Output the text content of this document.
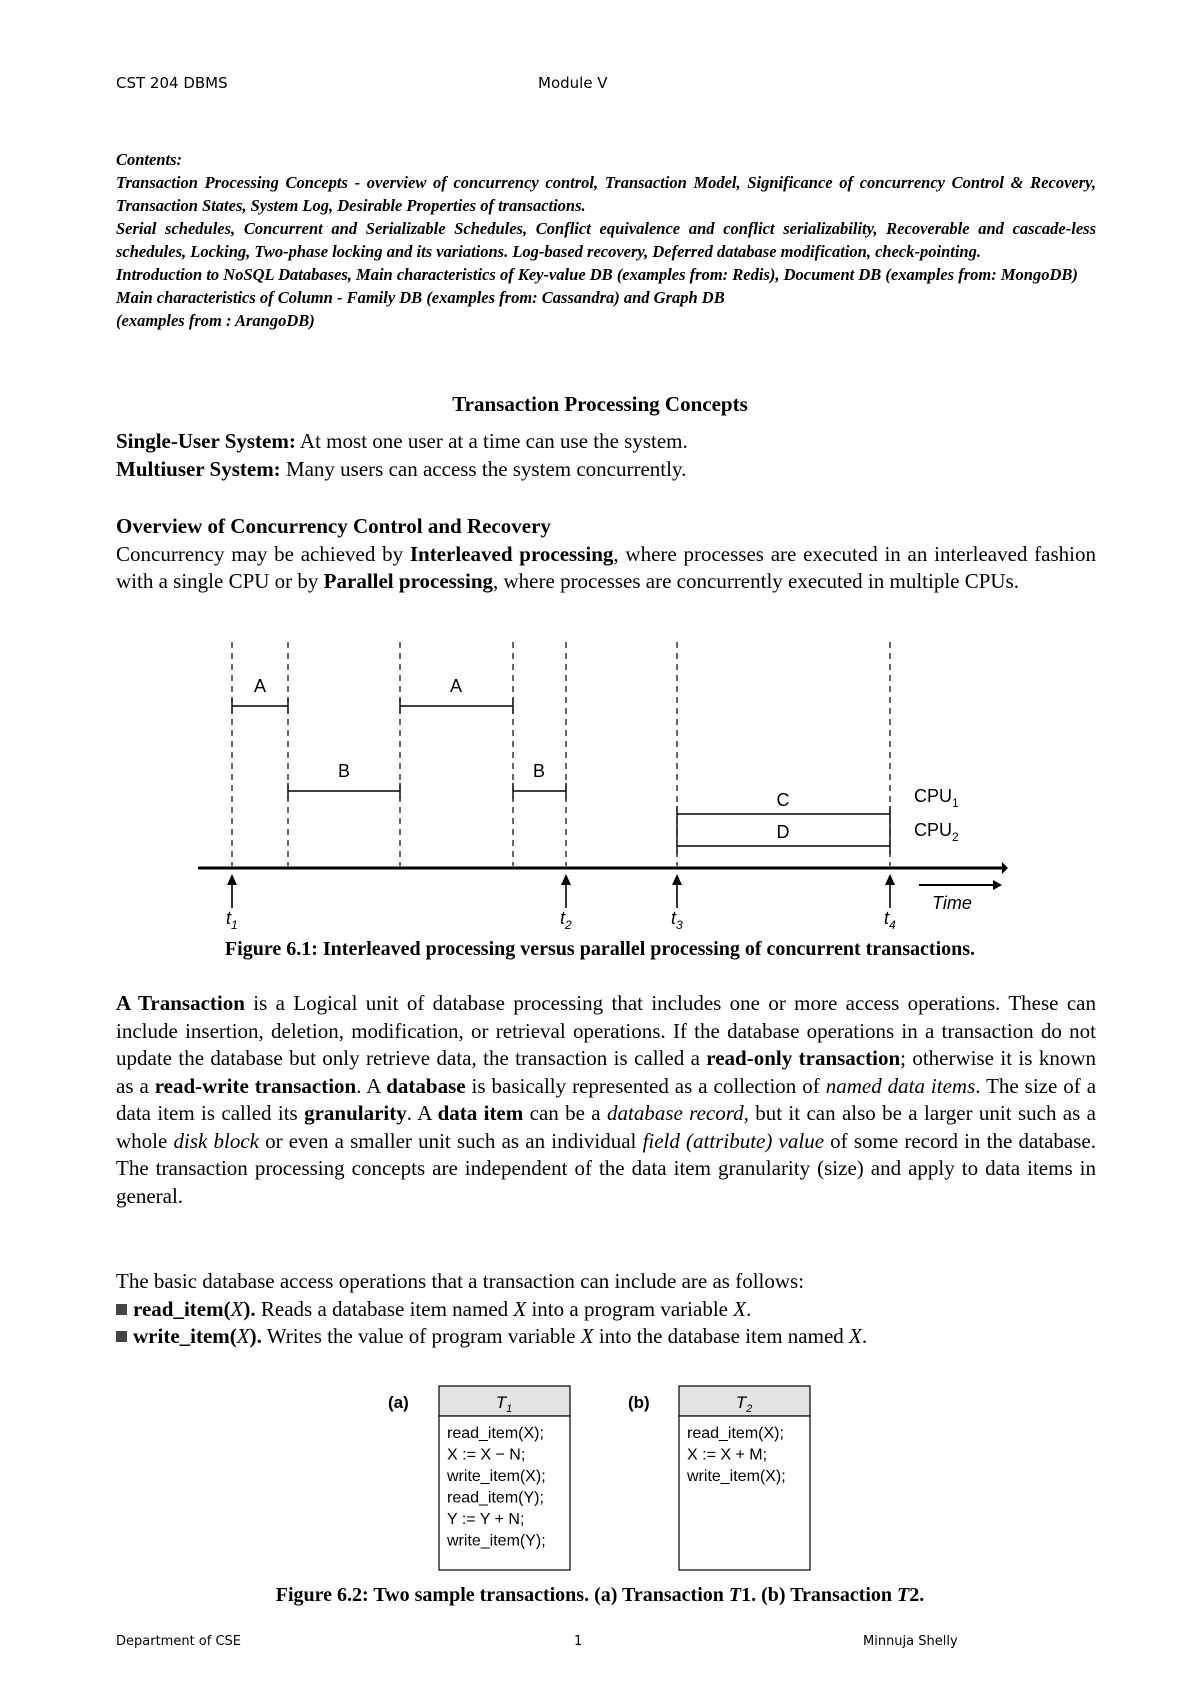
CST 204 DBMS	Module V

Contents:

Transaction Processing Concepts - overview of concurrency control, Transaction Model, Significance of concurrency Control & Recovery, Transaction States, System Log, Desirable Properties of transactions.

Serial schedules, Concurrent and Serializable Schedules, Conflict equivalence and conflict serializability, Recoverable and cascade-less schedules, Locking, Two-phase locking and its variations. Log-based recovery, Deferred database modification, check-pointing.

Introduction to NoSQL Databases, Main characteristics of Key-value DB (examples from: Redis), Document DB (examples from: MongoDB)

Main characteristics of Column - Family DB (examples from: Cassandra) and Graph DB

(examples from : ArangoDB)

Transaction Processing Concepts

Single-User System: At most one user at a time can use the system.

Multiuser System: Many users can access the system concurrently.

Overview of Concurrency Control and Recovery

Concurrency may be achieved by Interleaved processing, where processes are executed in an interleaved fashion with a single CPU or by Parallel processing, where processes are concurrently executed in multiple CPUs.

A	A
B	B
C
D
$CPU_1$
$CPU_2$
$t_1$	$t_2$	$t_3$	$t_4$
Time
Figure 6.1: Interleaved processing versus parallel processing of concurrent transactions.

A Transaction is a Logical unit of database processing that includes one or more access operations. These can include insertion, deletion, modification, or retrieval operations. If the database operations in a transaction do not update the database but only retrieve data, the transaction is called a read-only transaction; otherwise it is known as a read-write transaction. A database is basically represented as a collection of named data items. The size of a data item is called its granularity. A data item can be a database record, but it can also be a larger unit such as a whole disk block or even a smaller unit such as an individual field (attribute) value of some record in the database. The transaction processing concepts are independent of the data item granularity (size) and apply to data items in general.

The basic database access operations that a transaction can include are as follows:

read_item(X). Reads a database item named X into a program variable X.

write_item(X). Writes the value of program variable X into the database item named X.

(a)	(b)
$T_1$
read_item(X);
X := X − N;
write_item(X);
read_item(Y);
Y := Y + N;
write_item(Y);
$T_2$
read_item(X);
X := X + M;
write_item(X);
Figure 6.2: Two sample transactions. (a) Transaction T1. (b) Transaction T2.
Department of CSE	1	Minnuja Shelly
